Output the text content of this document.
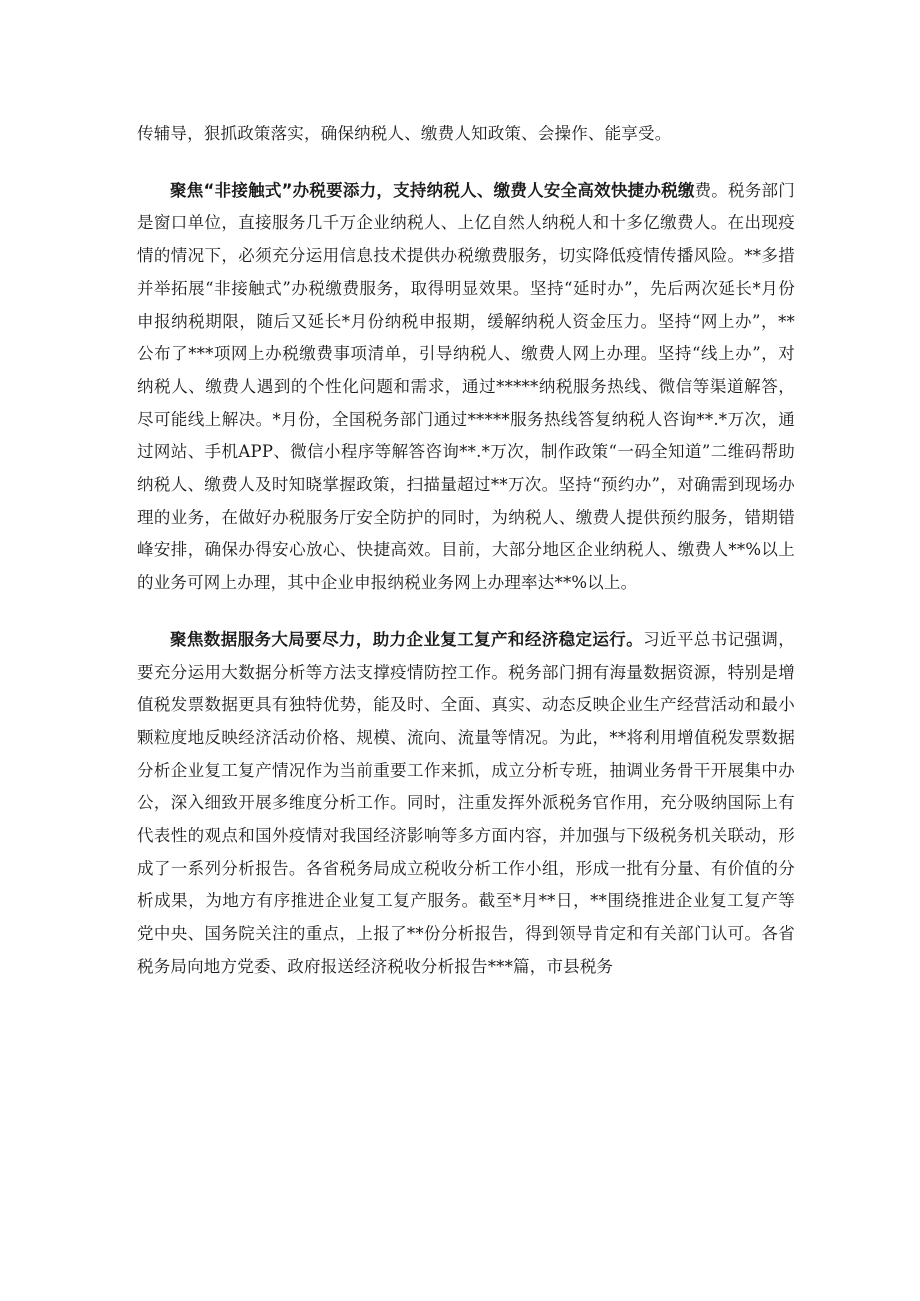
传辅导，狠抓政策落实，确保纳税人、缴费人知政策、会操作、能享受。

聚焦“非接触式”办税要添力，支持纳税人、缴费人安全高效快捷办税缴费。税务部门是窗口单位，直接服务几千万企业纳税人、上亿自然人纳税人和十多亿缴费人。在出现疫情的情况下，必须充分运用信息技术提供办税缴费服务，切实降低疫情传播风险。**多措并举拓展“非接触式”办税缴费服务，取得明显效果。坚持“延时办”，先后两次延长*月份申报纳税期限，随后又延长*月份纳税申报期，缓解纳税人资金压力。坚持“网上办”，**公布了***项网上办税缴费事项清单，引导纳税人、缴费人网上办理。坚持“线上办”，对纳税人、缴费人遇到的个性化问题和需求，通过*****纳税服务热线、微信等渠道解答，尽可能线上解决。*月份，全国税务部门通过*****服务热线答复纳税人咨询**.*万次，通过网站、手机APP、微信小程序等解答咨询**.*万次，制作政策“一码全知道”二维码帮助纳税人、缴费人及时知晓掌握政策，扫描量超过**万次。坚持“预约办”，对确需到现场办理的业务，在做好办税服务厅安全防护的同时，为纳税人、缴费人提供预约服务，错期错峰安排，确保办得安心放心、快捷高效。目前，大部分地区企业纳税人、缴费人**%以上的业务可网上办理，其中企业申报纳税业务网上办理率达**%以上。

聚焦数据服务大局要尽力，助力企业复工复产和经济稳定运行。习近平总书记强调，要充分运用大数据分析等方法支撑疫情防控工作。税务部门拥有海量数据资源，特别是增值税发票数据更具有独特优势，能及时、全面、真实、动态反映企业生产经营活动和最小颗粒度地反映经济活动价格、规模、流向、流量等情况。为此，**将利用增值税发票数据分析企业复工复产情况作为当前重要工作来抓，成立分析专班，抽调业务骨干开展集中办公，深入细致开展多维度分析工作。同时，注重发挥外派税务官作用，充分吸纳国际上有代表性的观点和国外疫情对我国经济影响等多方面内容，并加强与下级税务机关联动，形成了一系列分析报告。各省税务局成立税收分析工作小组，形成一批有分量、有价值的分析成果，为地方有序推进企业复工复产服务。截至*月**日，**围绕推进企业复工复产等党中央、国务院关注的重点，上报了**份分析报告，得到领导肯定和有关部门认可。各省税务局向地方党委、政府报送经济税收分析报告***篇，市县税务
